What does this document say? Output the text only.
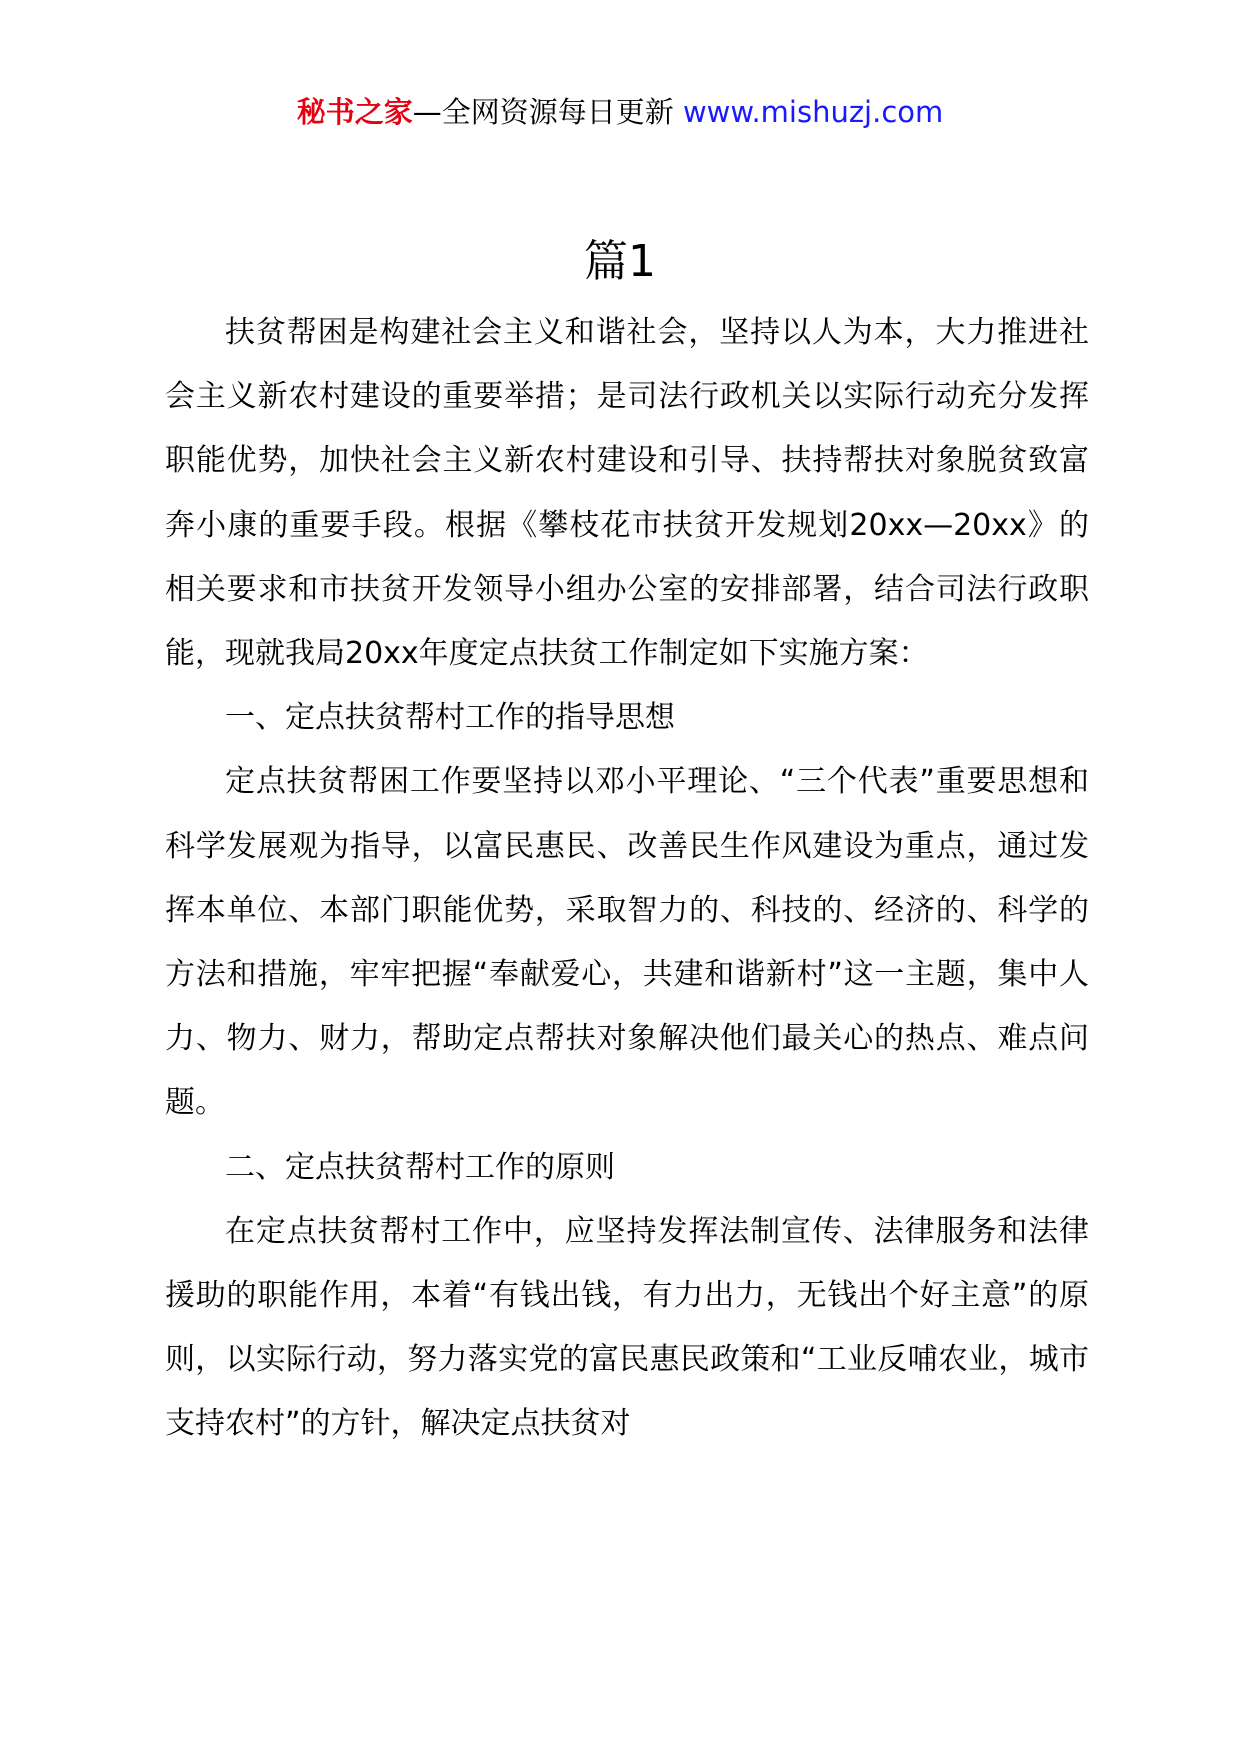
秘书之家—全网资源每日更新 www.mishuzj.com
篇1

扶贫帮困是构建社会主义和谐社会，坚持以人为本，大力推进社会主义新农村建设的重要举措；是司法行政机关以实际行动充分发挥职能优势，加快社会主义新农村建设和引导、扶持帮扶对象脱贫致富奔小康的重要手段。根据《攀枝花市扶贫开发规划20xx—20xx》的相关要求和市扶贫开发领导小组办公室的安排部署，结合司法行政职能，现就我局20xx年度定点扶贫工作制定如下实施方案：

一、定点扶贫帮村工作的指导思想

定点扶贫帮困工作要坚持以邓小平理论、“三个代表”重要思想和科学发展观为指导，以富民惠民、改善民生作风建设为重点，通过发挥本单位、本部门职能优势，采取智力的、科技的、经济的、科学的方法和措施，牢牢把握“奉献爱心，共建和谐新村”这一主题，集中人力、物力、财力，帮助定点帮扶对象解决他们最关心的热点、难点问题。

二、定点扶贫帮村工作的原则

在定点扶贫帮村工作中，应坚持发挥法制宣传、法律服务和法律援助的职能作用，本着“有钱出钱，有力出力，无钱出个好主意”的原则，以实际行动，努力落实党的富民惠民政策和“工业反哺农业，城市支持农村”的方针，解决定点扶贫对
